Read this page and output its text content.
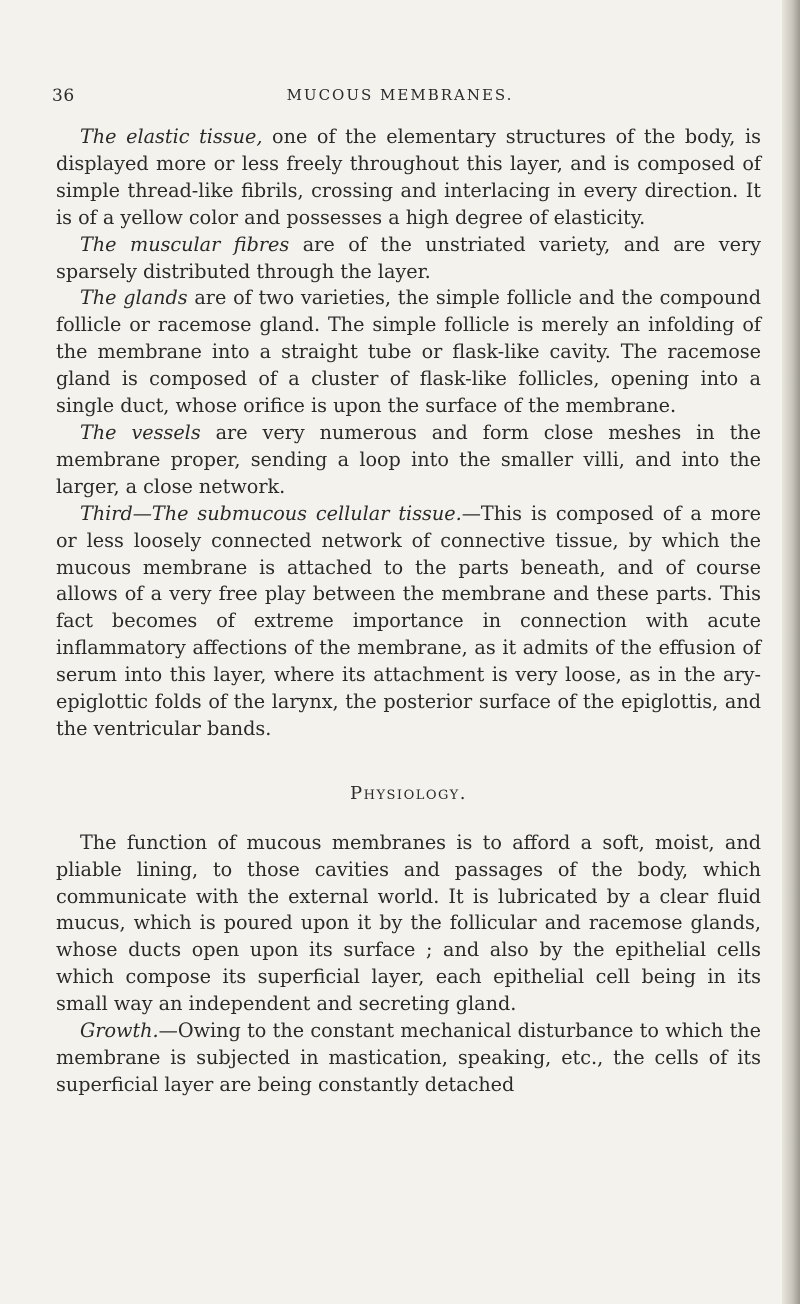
36	MUCOUS MEMBRANES.

The elastic tissue, one of the elementary structures of the body, is displayed more or less freely throughout this layer, and is composed of simple thread-like fibrils, crossing and interlacing in every direction. It is of a yellow color and possesses a high degree of elasticity.

The muscular fibres are of the unstriated variety, and are very sparsely distributed through the layer.

The glands are of two varieties, the simple follicle and the compound follicle or racemose gland. The simple follicle is merely an infolding of the membrane into a straight tube or flask-like cavity. The racemose gland is composed of a cluster of flask-like follicles, opening into a single duct, whose orifice is upon the surface of the membrane.

The vessels are very numerous and form close meshes in the membrane proper, sending a loop into the smaller villi, and into the larger, a close network.

Third—The submucous cellular tissue.—This is composed of a more or less loosely connected network of connective tissue, by which the mucous membrane is attached to the parts beneath, and of course allows of a very free play between the membrane and these parts. This fact becomes of extreme importance in connection with acute inflammatory affections of the membrane, as it admits of the effusion of serum into this layer, where its attachment is very loose, as in the ary-epiglottic folds of the larynx, the posterior surface of the epiglottis, and the ventricular bands.

Physiology.

The function of mucous membranes is to afford a soft, moist, and pliable lining, to those cavities and passages of the body, which communicate with the external world. It is lubricated by a clear fluid mucus, which is poured upon it by the follicular and racemose glands, whose ducts open upon its surface ; and also by the epithelial cells which compose its superficial layer, each epithelial cell being in its small way an independent and secreting gland.

Growth.—Owing to the constant mechanical disturbance to which the membrane is subjected in mastication, speaking, etc., the cells of its superficial layer are being constantly detached
